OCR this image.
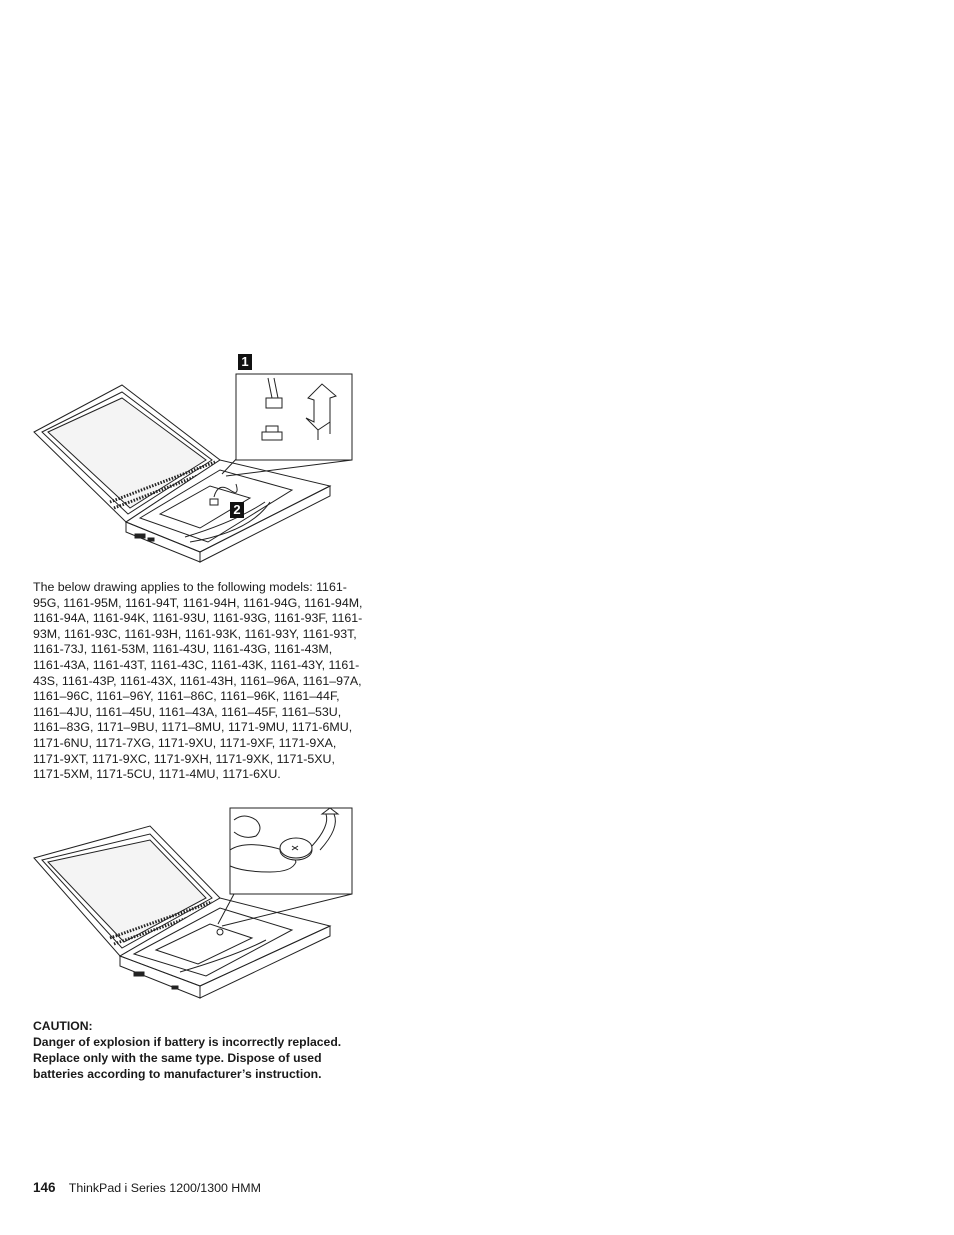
1
2

The below drawing applies to the following models: 1161-95G, 1161-95M, 1161-94T, 1161-94H, 1161-94G, 1161-94M, 1161-94A, 1161-94K, 1161-93U, 1161-93G, 1161-93F, 1161-93M, 1161-93C, 1161-93H, 1161-93K, 1161-93Y, 1161-93T, 1161-73J, 1161-53M, 1161-43U, 1161-43G, 1161-43M, 1161-43A, 1161-43T, 1161-43C, 1161-43K, 1161-43Y, 1161-43S, 1161-43P, 1161-43X, 1161-43H, 1161–96A, 1161–97A, 1161–96C, 1161–96Y, 1161–86C, 1161–96K, 1161–44F, 1161–4JU, 1161–45U, 1161–43A, 1161–45F, 1161–53U, 1161–83G, 1171–9BU, 1171–8MU, 1171-9MU, 1171-6MU, 1171-6NU, 1171-7XG, 1171-9XU, 1171-9XF, 1171-9XA, 1171-9XT, 1171-9XC, 1171-9XH, 1171-9XK, 1171-5XU, 1171-5XM, 1171-5CU, 1171-4MU, 1171-6XU.

CAUTION:
Danger of explosion if battery is incorrectly replaced. Replace only with the same type. Dispose of used batteries according to manufacturer’s instruction.
146 ThinkPad i Series 1200/1300 HMM
